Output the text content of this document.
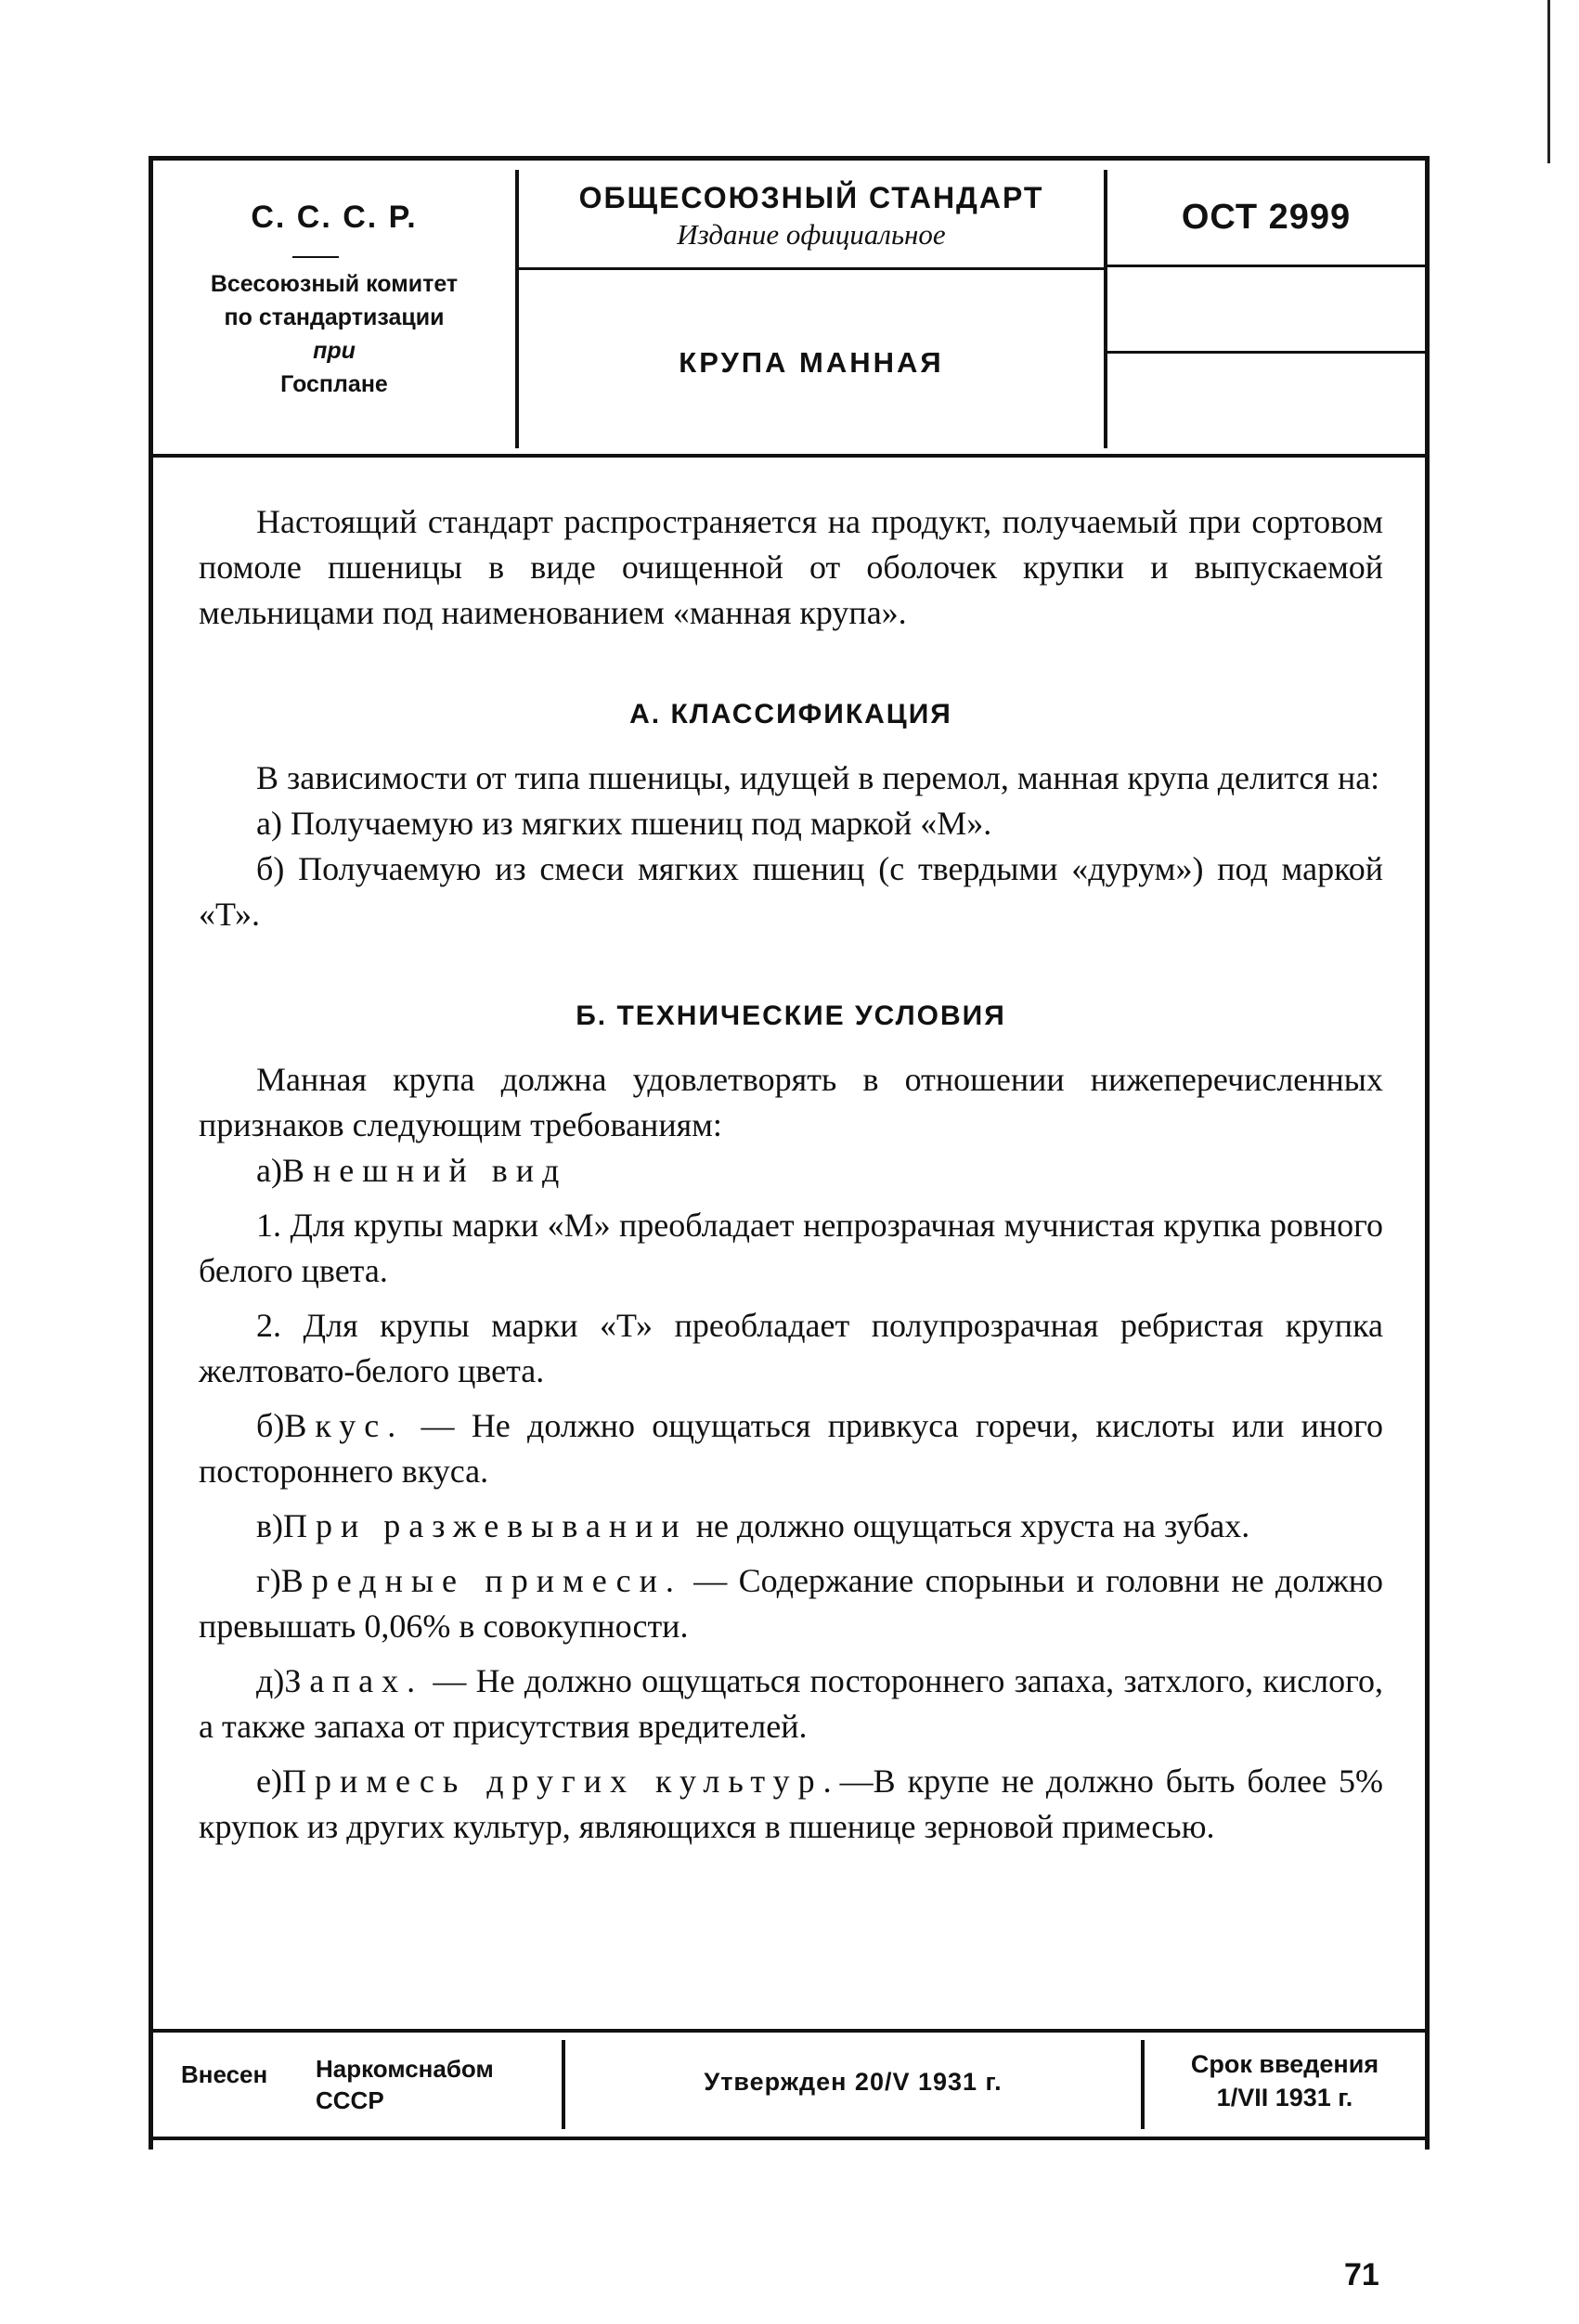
С. С. С. Р.
Всесоюзный комитет
по стандартизации
при
Госплане
ОБЩЕСОЮЗНЫЙ СТАНДАРТ
Издание официальное
КРУПА МАННАЯ
ОСТ 2999

Настоящий стандарт распространяется на продукт, получаемый при сортовом помоле пшеницы в виде очищенной от оболочек крупки и выпускаемой мельницами под наименованием «манная крупа».

А. КЛАССИФИКАЦИЯ

В зависимости от типа пшеницы, идущей в перемол, манная крупа делится на:

а) Получаемую из мягких пшениц под маркой «М».

б) Получаемую из смеси мягких пшениц (с твердыми «дурум») под маркой «Т».

Б. ТЕХНИЧЕСКИЕ УСЛОВИЯ

Манная крупа должна удовлетворять в отношении нижеперечисленных признаков следующим требованиям:

а)Внешний вид

1. Для крупы марки «М» преобладает непрозрачная мучнистая крупка ровного белого цвета.

2. Для крупы марки «Т» преобладает полупрозрачная ребристая крупка желтовато-белого цвета.

б)Вкус. — Не должно ощущаться привкуса горечи, кислоты или иного постороннего вкуса.

в)При разжевывании не должно ощущаться хруста на зубах.

г)Вредные примеси. — Содержание спорыньи и головни не должно превышать 0,06% в совокупности.

д)Запах. — Не должно ощущаться постороннего запаха, затхлого, кислого, а также запаха от присутствия вредителей.

е)Примесь других культур.—В крупе не должно быть более 5% крупок из других культур, являющихся в пшенице зерновой примесью.

Внесен Наркомснабом
СССР
Утвержден 20/V 1931 г.
Срок введения
1/VII 1931 г.
71
